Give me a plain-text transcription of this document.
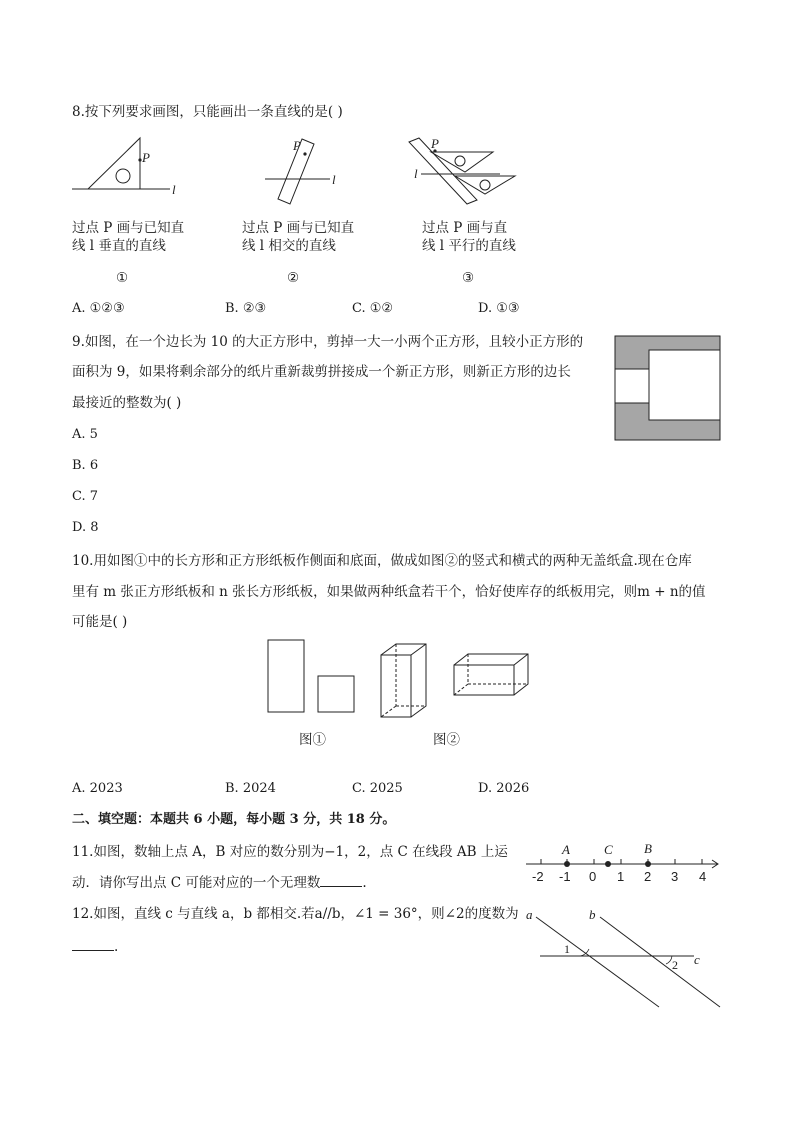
8.按下列要求画图，只能画出一条直线的是( )
P
l
P
l
P
l
过点 P 画与已知直
线 l 垂直的直线
过点 P 画与已知直
线 l 相交的直线
过点 P 画与直
线 l 平行的直线
①	②	③
A. ①②③	B. ②③	C. ①②	D. ①③
9.如图，在一个边长为 10 的大正方形中，剪掉一大一小两个正方形，且较小正方形的
面积为 9，如果将剩余部分的纸片重新裁剪拼接成一个新正方形，则新正方形的边长
最接近的整数为( )
A. 5
B. 6
C. 7
D. 8
10.用如图①中的长方形和正方形纸板作侧面和底面，做成如图②的竖式和横式的两种无盖纸盒.现在仓库
里有 m 张正方形纸板和 n 张长方形纸板，如果做两种纸盒若干个，恰好使库存的纸板用完，则m + n的值
可能是( )
图①	图②
A. 2023	B. 2024	C. 2025	D. 2026
二、填空题：本题共 6 小题，每小题 3 分，共 18 分。
11.如图，数轴上点 A，B 对应的数分别为−1，2，点 C 在线段 AB 上运
动．请你写出点 C 可能对应的一个无理数	.
A	C B
-2 -1 0 1 2 3 4
12.如图，直线 c 与直线 a，b 都相交.若a//b，∠1 = 36°，则∠2的度数为
.
a	b
c
1
2
